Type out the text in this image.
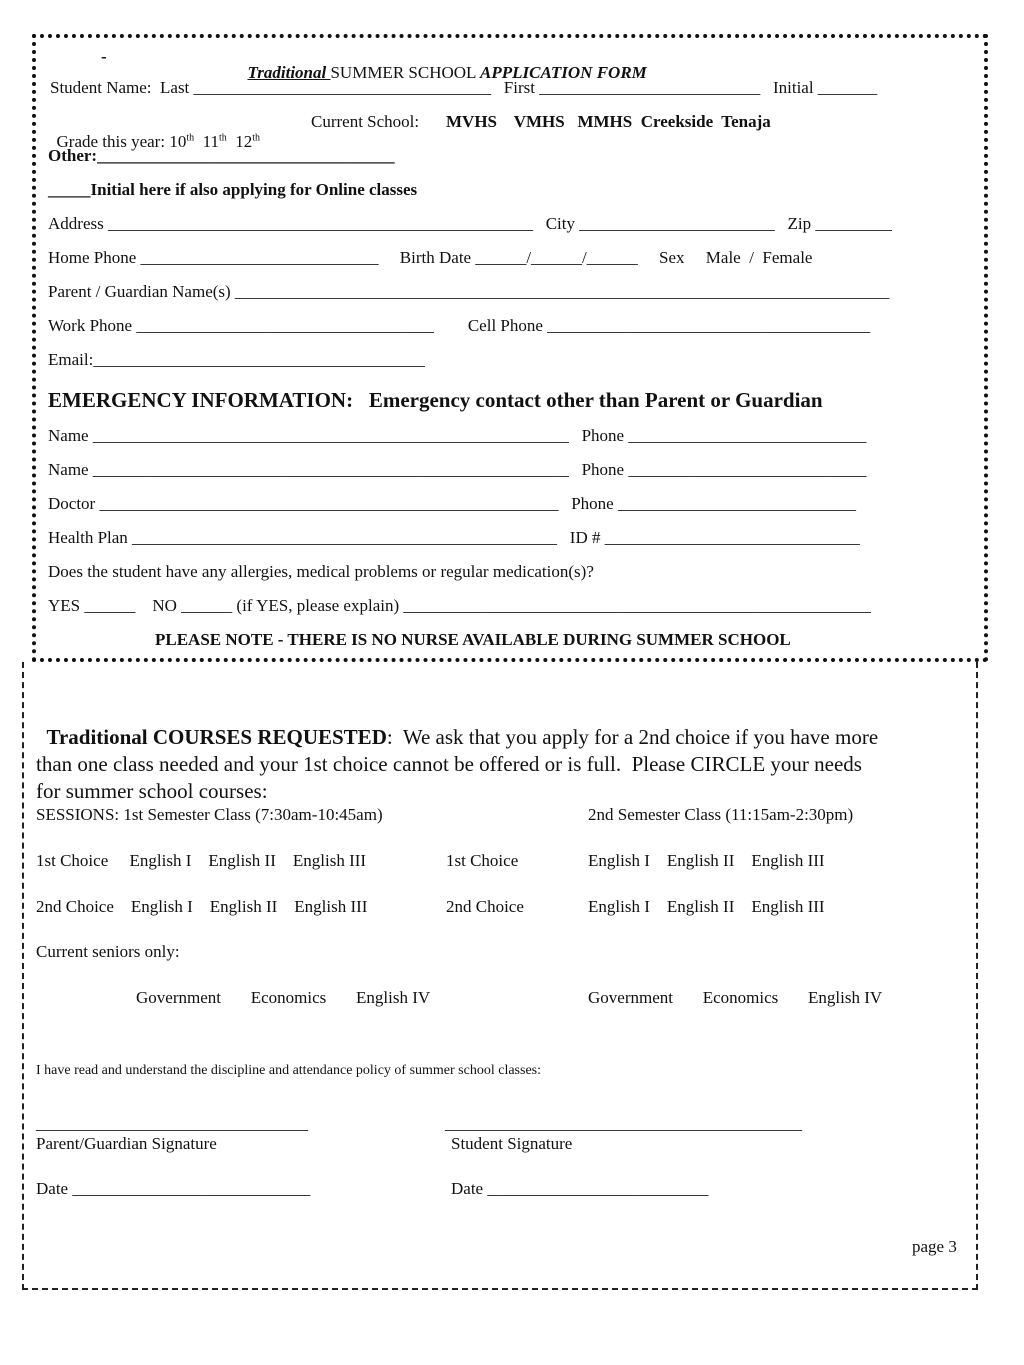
-

Traditional SUMMER SCHOOL APPLICATION FORM

Student Name:  Last ___________________________________   First __________________________   Initial _______

Grade this year: 10th  11th  12th

Current School: MVHS    VMHS   MMHS  Creekside  Tenaja
Other:___________________________________
_____Initial here if also applying for Online classes
Address __________________________________________________   City _______________________   Zip _________
Home Phone ____________________________     Birth Date ______/______/______     Sex     Male  /  Female
Parent / Guardian Name(s) _____________________________________________________________________________
Work Phone ___________________________________        Cell Phone ______________________________________
Email:_______________________________________
EMERGENCY INFORMATION:   Emergency contact other than Parent or Guardian
Name ________________________________________________________   Phone ____________________________
Name ________________________________________________________   Phone ____________________________
Doctor ______________________________________________________   Phone ____________________________
Health Plan __________________________________________________   ID # ______________________________
Does the student have any allergies, medical problems or regular medication(s)?
YES ______    NO ______ (if YES, please explain) _______________________________________________________
PLEASE NOTE - THERE IS NO NURSE AVAILABLE DURING SUMMER SCHOOL

Traditional COURSES REQUESTED:  We ask that you apply for a 2nd choice if you have more
than one class needed and your 1st choice cannot be offered or is full.  Please CIRCLE your needs
for summer school courses:

SESSIONS: 1st Semester Class (7:30am-10:45am)	2nd Semester Class (11:15am-2:30pm)
1st Choice     English I    English II    English III	1st Choice	English I    English II    English III
2nd Choice    English I    English II    English III	2nd Choice	English I    English II    English III
Current seniors only:
Government       Economics       English IV	Government       Economics       English IV
I have read and understand the discipline and attendance policy of summer school classes:
________________________________	__________________________________________
Parent/Guardian Signature	Student Signature
Date ____________________________	Date __________________________
page 3
